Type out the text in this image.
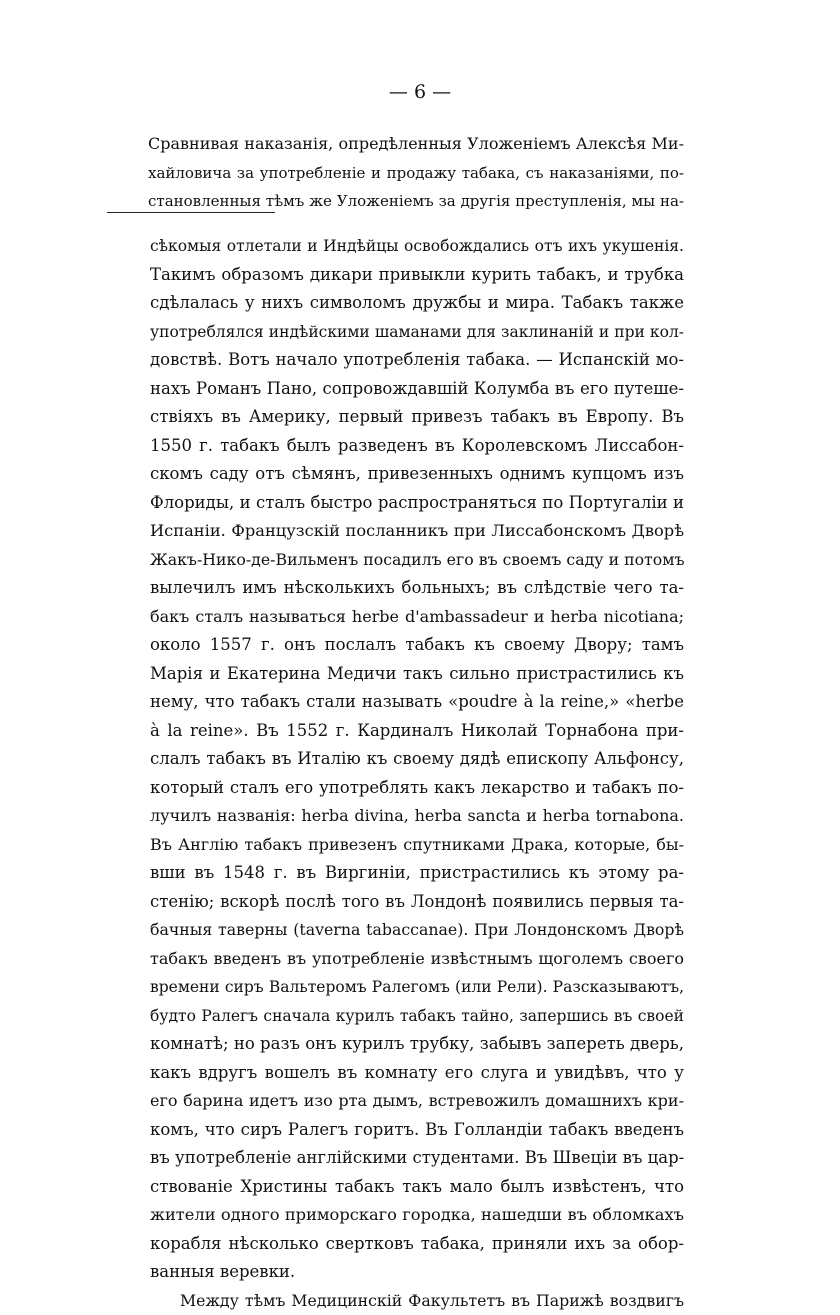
— 6 —

Сравнивая наказанія, опредѣленныя Уложеніемъ Алексѣя Ми-
хайловича за употребленіе и продажу табака, съ наказаніями, по-
становленныя тѣмъ же Уложеніемъ за другія преступленія, мы на-

сѣкомыя отлетали и Индѣйцы освобождались отъ ихъ укушенія.
Такимъ образомъ дикари привыкли курить табакъ, и трубка
сдѣлалась у нихъ символомъ дружбы и мира. Табакъ также
употреблялся индѣйскими шаманами для заклинаній и при кол-
довствѣ. Вотъ начало употребленія табака. — Испанскій мо-
нахъ Романъ Пано, сопровождавшій Колумба въ его путеше-
ствіяхъ въ Америку, первый привезъ табакъ въ Европу. Въ
1550 г. табакъ былъ разведенъ въ Королевскомъ Лиссабон-
скомъ саду отъ сѣмянъ, привезенныхъ однимъ купцомъ изъ
Флориды, и сталъ быстро распространяться по Португаліи и
Испаніи. Французскій посланникъ при Лиссабонскомъ Дворѣ
Жакъ-Нико-де-Вильменъ посадилъ его въ своемъ саду и потомъ
вылечилъ имъ нѣсколькихъ больныхъ; въ слѣдствіе чего та-
бакъ сталъ называться herbe d'ambassadeur и herba nicotiana;
около 1557 г. онъ послалъ табакъ къ своему Двору; тамъ
Марія и Екатерина Медичи такъ сильно пристрастились къ
нему, что табакъ стали называть «poudre à la reine,» «herbe
à la reine». Въ 1552 г. Кардиналъ Николай Торнабона при-
слалъ табакъ въ Италію къ своему дядѣ епископу Альфонсу,
который сталъ его употреблять какъ лекарство и табакъ по-
лучилъ названія: herba divina, herba sancta и herba tornabona.
Въ Англію табакъ привезенъ спутниками Драка, которые, бы-
вши въ 1548 г. въ Виргиніи, пристрастились къ этому ра-
стенію; вскорѣ послѣ того въ Лондонѣ появились первыя та-
бачныя таверны (taverna tabaccanae). При Лондонскомъ Дворѣ
табакъ введенъ въ употребленіе извѣстнымъ щоголемъ своего
времени сиръ Вальтеромъ Ралегомъ (или Рели). Разсказываютъ,
будто Ралегъ сначала курилъ табакъ тайно, запершись въ своей
комнатѣ; но разъ онъ курилъ трубку, забывъ запереть дверь,
какъ вдругъ вошелъ въ комнату его слуга и увидѣвъ, что у
его барина идетъ изо рта дымъ, встревожилъ домашнихъ кри-
комъ, что сиръ Ралегъ горитъ. Въ Голландіи табакъ введенъ
въ употребленіе англійскими студентами. Въ Швеціи въ цар-
ствованіе Христины табакъ такъ мало былъ извѣстенъ, что
жители одного приморскаго городка, нашедши въ обломкахъ
корабля нѣсколько свертковъ табака, приняли ихъ за обор-
ванныя веревки.

Между тѣмъ Медицинскій Факультетъ въ Парижѣ воздвигъ
